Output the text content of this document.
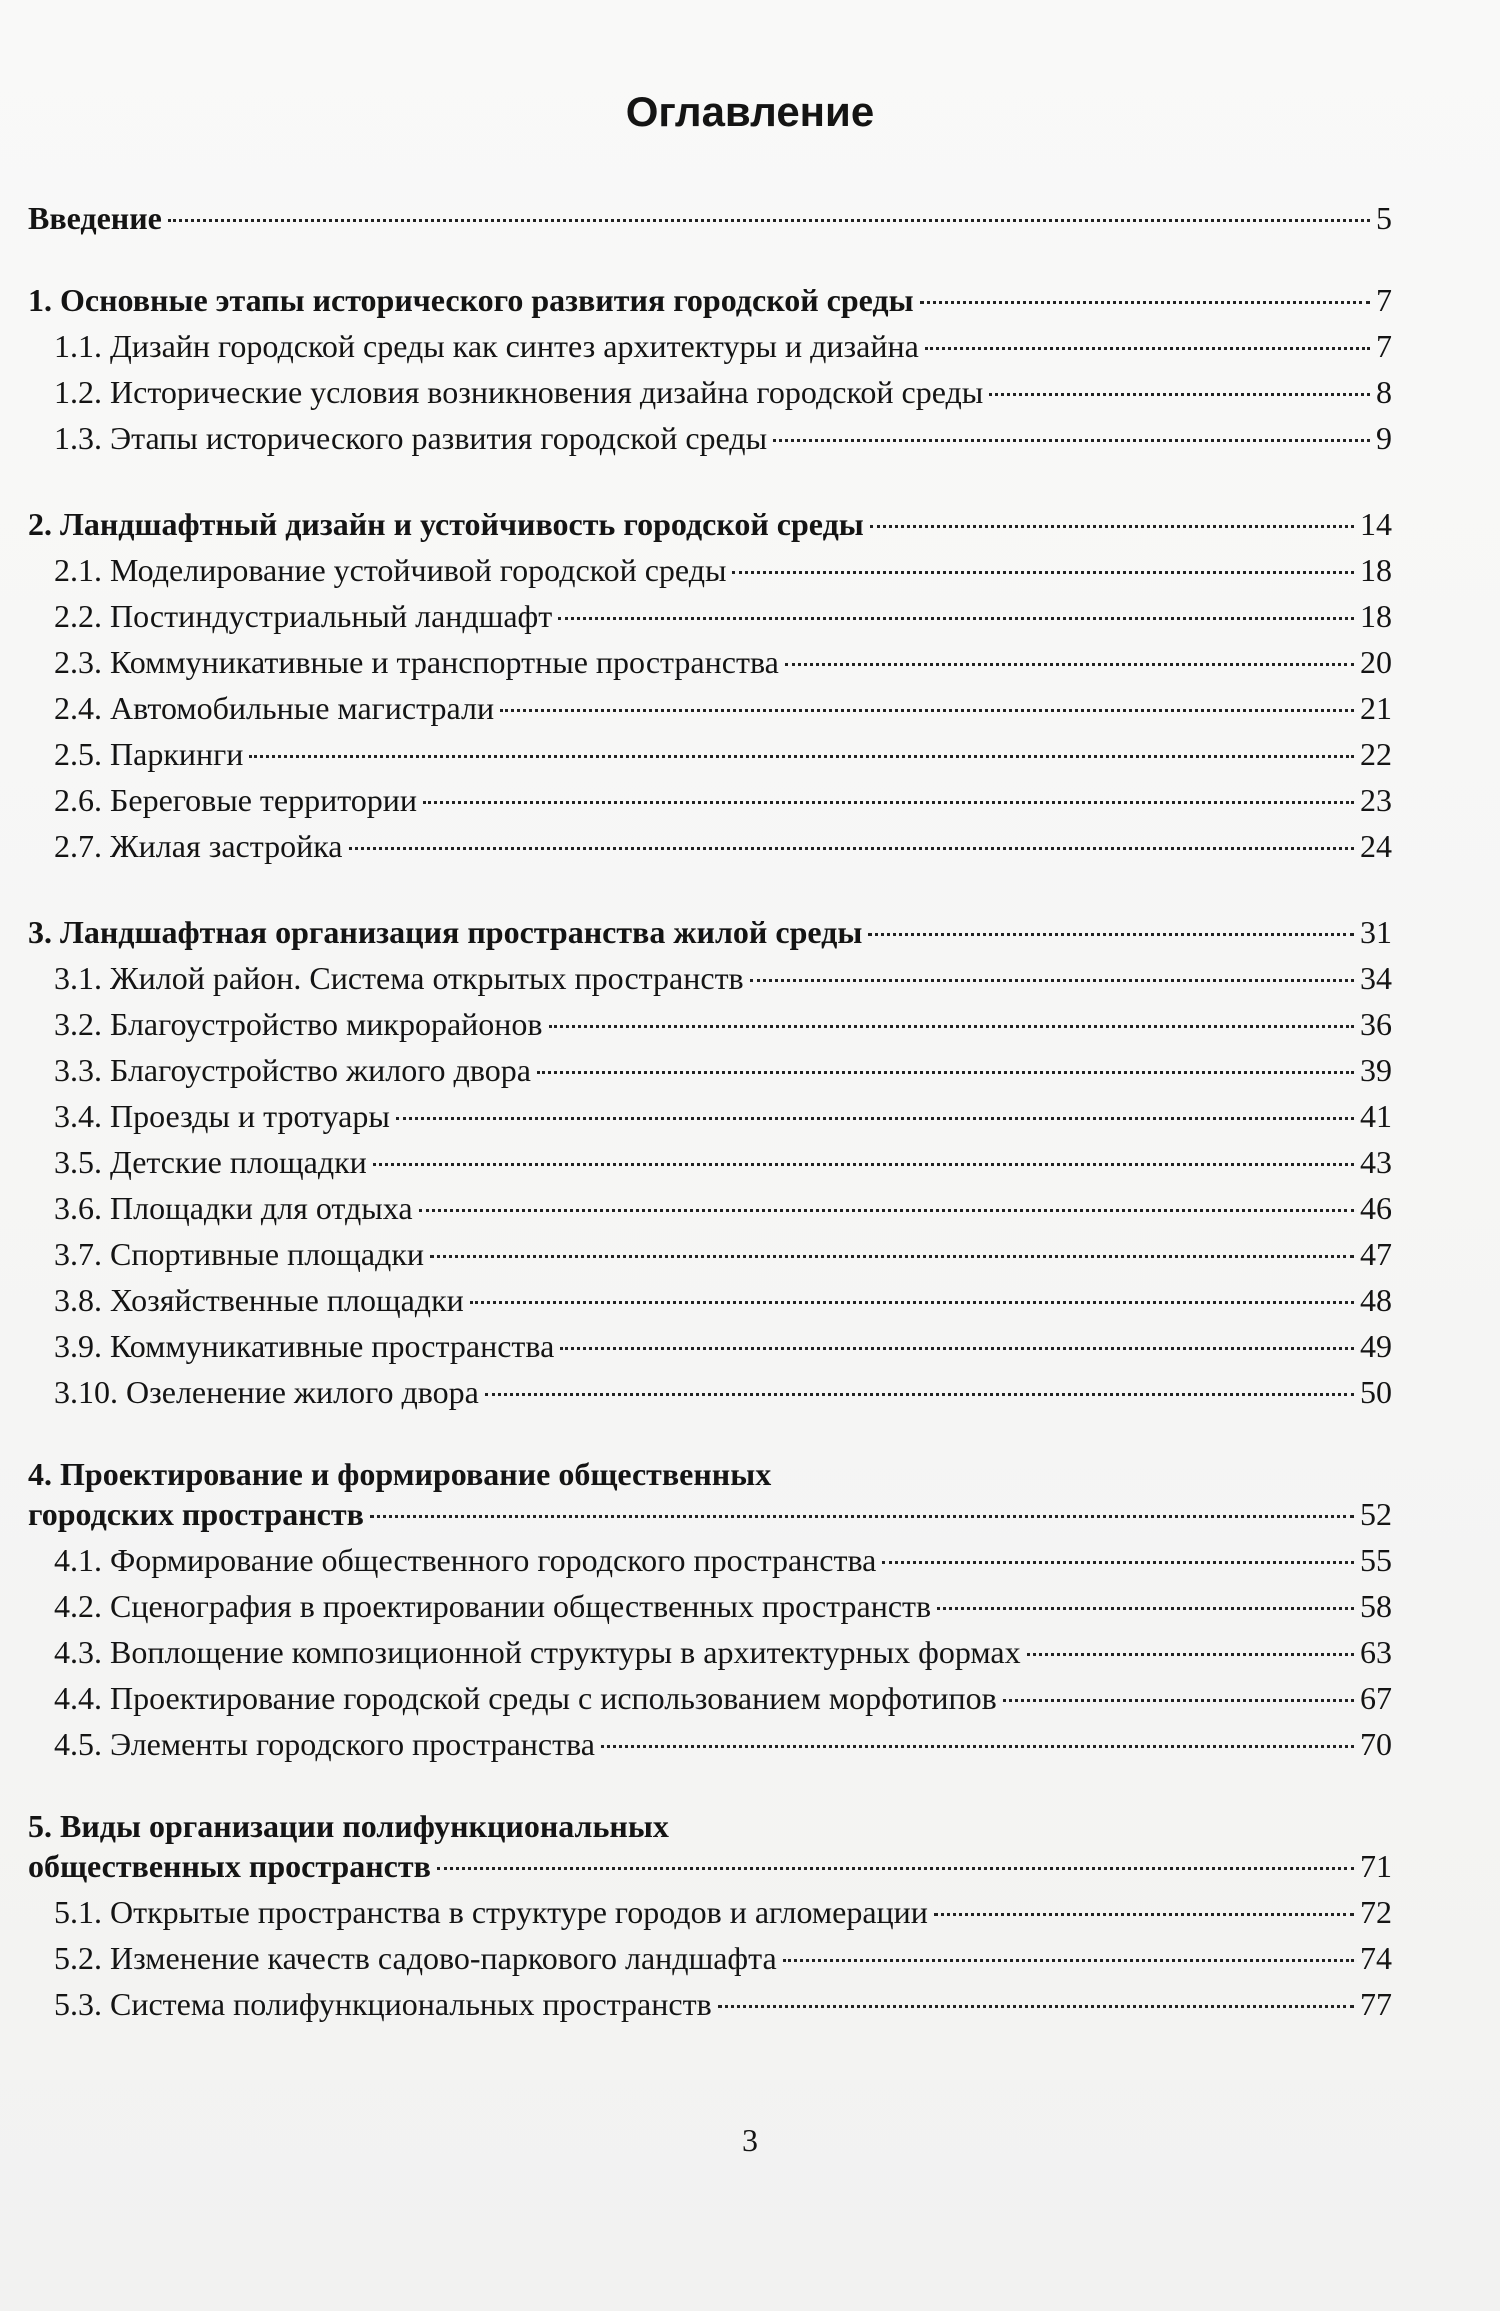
Оглавление
Введение	5
1. Основные этапы исторического развития городской среды	7
1.1. Дизайн городской среды как синтез архитектуры и дизайна	7
1.2. Исторические условия возникновения дизайна городской среды	8
1.3. Этапы исторического развития городской среды	9
2. Ландшафтный дизайн и устойчивость городской среды	14
2.1. Моделирование устойчивой городской среды	18
2.2. Постиндустриальный ландшафт	18
2.3. Коммуникативные и транспортные пространства	20
2.4. Автомобильные магистрали	21
2.5. Паркинги	22
2.6. Береговые территории	23
2.7. Жилая застройка	24
3. Ландшафтная организация пространства жилой среды	31
3.1. Жилой район. Система открытых пространств	34
3.2. Благоустройство микрорайонов	36
3.3. Благоустройство жилого двора	39
3.4. Проезды и тротуары	41
3.5. Детские площадки	43
3.6. Площадки для отдыха	46
3.7. Спортивные площадки	47
3.8. Хозяйственные площадки	48
3.9. Коммуникативные пространства	49
3.10. Озеленение жилого двора	50
4. Проектирование и формирование общественных
городских пространств	52
4.1. Формирование общественного городского пространства	55
4.2. Сценография в проектировании общественных пространств	58
4.3. Воплощение композиционной структуры в архитектурных формах	63
4.4. Проектирование городской среды с использованием морфотипов	67
4.5. Элементы городского пространства	70
5. Виды организации полифункциональных
общественных пространств	71
5.1. Открытые пространства в структуре городов и агломерации	72
5.2. Изменение качеств садово-паркового ландшафта	74
5.3. Система полифункциональных пространств	77
3
